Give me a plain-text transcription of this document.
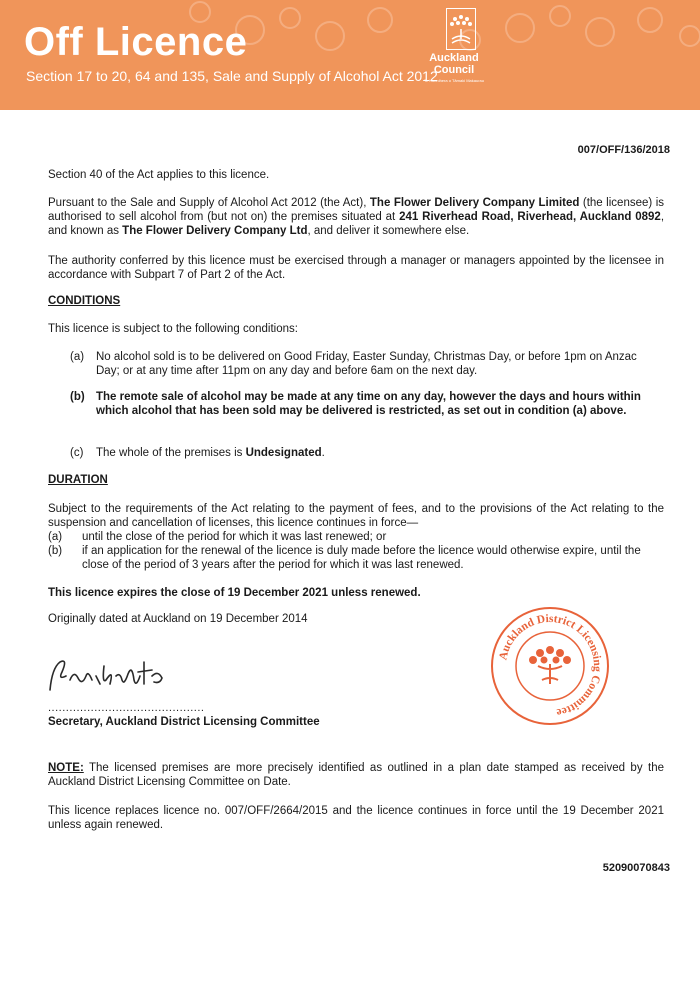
Off Licence
Section 17 to 20, 64 and 135, Sale and Supply of Alcohol Act 2012
Auckland
Council
Te Kaunihera o Tāmaki Makaurau
007/OFF/136/2018
Section 40 of the Act applies to this licence.
Pursuant to the Sale and Supply of Alcohol Act 2012 (the Act), The Flower Delivery Company Limited (the licensee) is authorised to sell alcohol from (but not on) the premises situated at 241 Riverhead Road, Riverhead, Auckland 0892, and known as The Flower Delivery Company Ltd, and deliver it somewhere else.
The authority conferred by this licence must be exercised through a manager or managers appointed by the licensee in accordance with Subpart 7 of Part 2 of the Act.
CONDITIONS
This licence is subject to the following conditions:
(a) No alcohol sold is to be delivered on Good Friday, Easter Sunday, Christmas Day, or before 1pm on Anzac Day; or at any time after 11pm on any day and before 6am on the next day.
(b) The remote sale of alcohol may be made at any time on any day, however the days and hours within which alcohol that has been sold may be delivered is restricted, as set out in condition (a) above.
(c) The whole of the premises is Undesignated.
DURATION
Subject to the requirements of the Act relating to the payment of fees, and to the provisions of the Act relating to the suspension and cancellation of licenses, this licence continues in force—
(a) until the close of the period for which it was last renewed; or
(b) if an application for the renewal of the licence is duly made before the licence would otherwise expire, until the close of the period of 3 years after the period for which it was last renewed.
This licence expires the close of 19 December 2021 unless renewed.
Originally dated at Auckland on 19 December 2014
............................................
Secretary, Auckland District Licensing Committee
Auckland District Licensing Committee
NOTE: The licensed premises are more precisely identified as outlined in a plan date stamped as received by the Auckland District Licensing Committee on Date.
This licence replaces licence no. 007/OFF/2664/2015 and the licence continues in force until the 19 December 2021 unless again renewed.
52090070843
